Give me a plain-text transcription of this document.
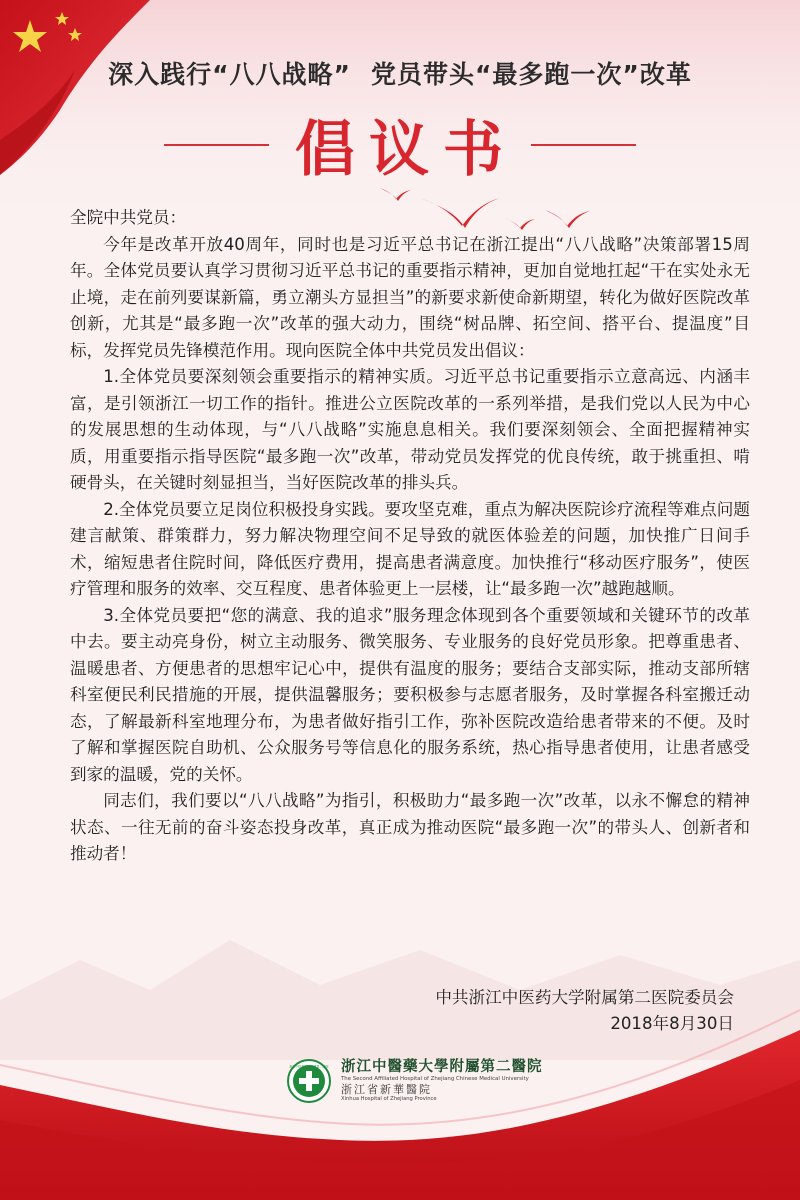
深入践行“八八战略” 党员带头“最多跑一次”改革
倡议书

全院中共党员：

今年是改革开放40周年，同时也是习近平总书记在浙江提出“八八战略”决策部署15周年。全体党员要认真学习贯彻习近平总书记的重要指示精神，更加自觉地扛起“干在实处永无止境，走在前列要谋新篇，勇立潮头方显担当”的新要求新使命新期望，转化为做好医院改革创新，尤其是“最多跑一次”改革的强大动力，围绕“树品牌、拓空间、搭平台、提温度”目标，发挥党员先锋模范作用。现向医院全体中共党员发出倡议：

1.全体党员要深刻领会重要指示的精神实质。习近平总书记重要指示立意高远、内涵丰富，是引领浙江一切工作的指针。推进公立医院改革的一系列举措，是我们党以人民为中心的发展思想的生动体现，与“八八战略”实施息息相关。我们要深刻领会、全面把握精神实质，用重要指示指导医院“最多跑一次”改革，带动党员发挥党的优良传统，敢于挑重担、啃硬骨头，在关键时刻显担当，当好医院改革的排头兵。

2.全体党员要立足岗位积极投身实践。要攻坚克难，重点为解决医院诊疗流程等难点问题建言献策、群策群力，努力解决物理空间不足导致的就医体验差的问题，加快推广日间手术，缩短患者住院时间，降低医疗费用，提高患者满意度。加快推行“移动医疗服务”，使医疗管理和服务的效率、交互程度、患者体验更上一层楼，让“最多跑一次”越跑越顺。

3.全体党员要把“您的满意、我的追求”服务理念体现到各个重要领域和关键环节的改革中去。要主动亮身份，树立主动服务、微笑服务、专业服务的良好党员形象。把尊重患者、温暖患者、方便患者的思想牢记心中，提供有温度的服务；要结合支部实际，推动支部所辖科室便民利民措施的开展，提供温馨服务；要积极参与志愿者服务，及时掌握各科室搬迁动态，了解最新科室地理分布，为患者做好指引工作，弥补医院改造给患者带来的不便。及时了解和掌握医院自助机、公众服务号等信息化的服务系统，热心指导患者使用，让患者感受到家的温暖，党的关怀。

同志们，我们要以“八八战略”为指引，积极助力“最多跑一次”改革，以永不懈怠的精神状态、一往无前的奋斗姿态投身改革，真正成为推动医院“最多跑一次”的带头人、创新者和推动者！

中共浙江中医药大学附属第二医院委员会
2018年8月30日
浙江中医药大学附属第二医院 浙江中醫藥大學附屬第二醫院
The Second Affiliated Hospital of Zhejiang Chinese Medical University
浙江省新華醫院
Xinhua Hospital of Zhejiang Province
